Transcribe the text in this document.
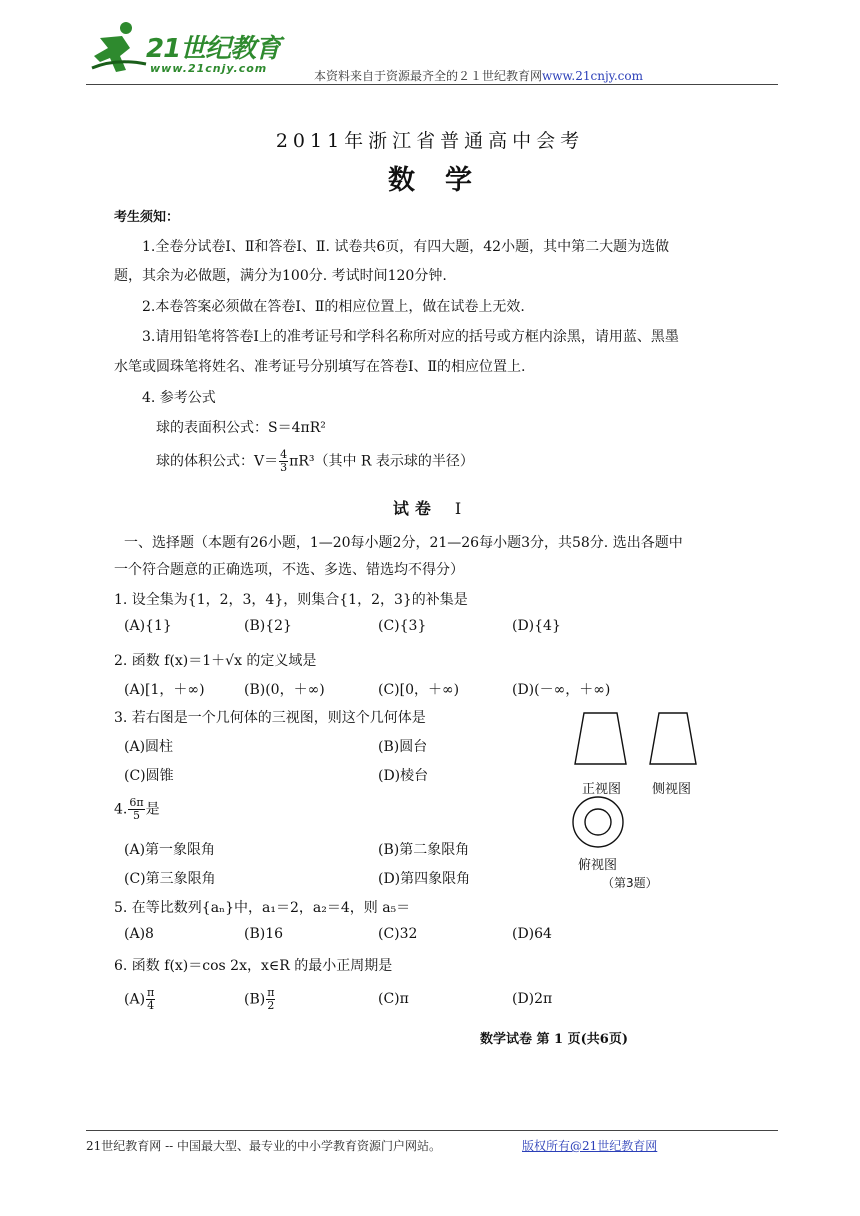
21世纪教育
www.21cnjy.com
本资料来自于资源最齐全的２１世纪教育网www.21cnjy.com
2011年浙江省普通高中会考
数学
考生须知：
1.全卷分试卷Ⅰ、Ⅱ和答卷Ⅰ、Ⅱ. 试卷共6页，有四大题，42小题，其中第二大题为选做
题，其余为必做题，满分为100分. 考试时间120分钟.
2.本卷答案必须做在答卷Ⅰ、Ⅱ的相应位置上，做在试卷上无效.
3.请用铅笔将答卷Ⅰ上的准考证号和学科名称所对应的括号或方框内涂黑，请用蓝、黑墨
水笔或圆珠笔将姓名、准考证号分别填写在答卷Ⅰ、Ⅱ的相应位置上.
4. 参考公式
球的表面积公式：S＝4πR²
球的体积公式：$V= \frac{4}{3} \pi R^3$（其中 R 表示球的半径）
试卷 Ⅰ
一、选择题（本题有26小题，1—20每小题2分，21—26每小题3分，共58分. 选出各题中
一个符合题意的正确选项，不选、多选、错选均不得分）
1. 设全集为{1，2，3，4}，则集合{1，2，3}的补集是
(A){1}	(B){2}	(C){3}	(D){4}
2. 函数 f(x)＝1＋√x 的定义域是
(A)[1，＋∞)	(B)(0，＋∞)	(C)[0，＋∞)	(D)(－∞，＋∞)
3. 若右图是一个几何体的三视图，则这个几何体是
(A)圆柱	(B)圆台
(C)圆锥	(D)棱台
4. $\frac{6\pi}{5}$ 是
(A)第一象限角	(B)第二象限角
(C)第三象限角	(D)第四象限角
5. 在等比数列{aₙ}中，a₁＝2，a₂＝4，则 a₅＝
(A)8	(B)16	(C)32	(D)64
6. 函数 f(x)＝cos 2x，x∈R 的最小正周期是
$(A) \frac{\pi}{4}$	$(B) \frac{\pi}{2}$	(C)π	(D)2π
正视图 侧视图
俯视图
（第3题）
数学试卷 第 1 页(共6页)
21世纪教育网 -- 中国最大型、最专业的中小学教育资源门户网站。	版权所有@21世纪教育网
